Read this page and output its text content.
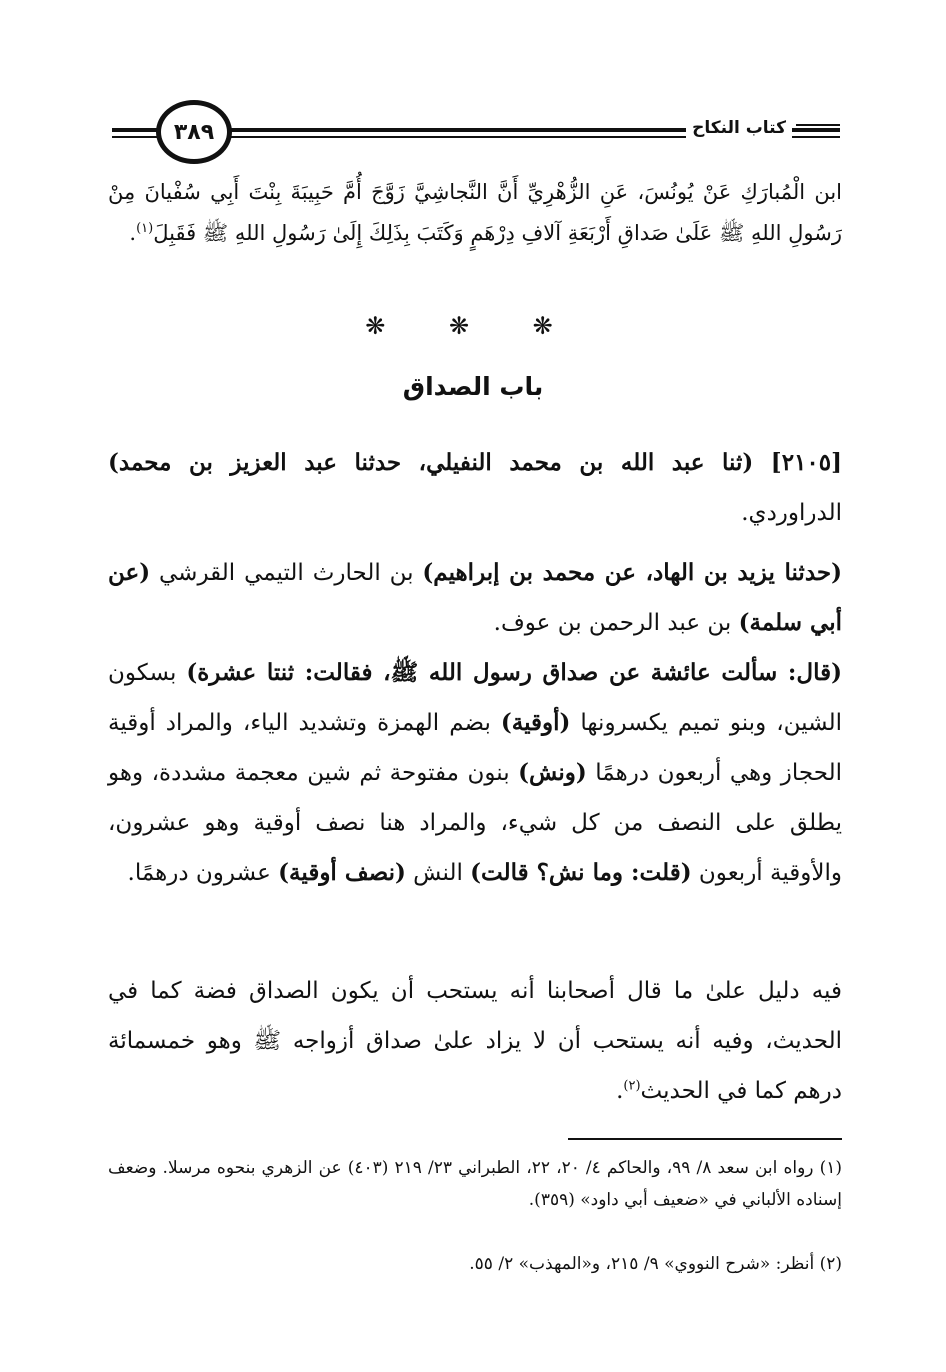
كتاب النكاح
٣٨٩
ابن الْمُبارَكِ عَنْ يُونُسَ، عَنِ الزُّهْرِيِّ أَنَّ النَّجاشِيَّ زَوَّجَ أُمَّ حَبِيبَةَ بِنْتَ أَبِي سُفْيانَ مِنْ رَسُولِ اللهِ ﷺ عَلَىٰ صَداقِ أَرْبَعَةِ آلافِ دِرْهَمٍ وَكَتَبَ بِذَلِكَ إِلَىٰ رَسُولِ اللهِ ﷺ فَقَبِلَ$^{(١)}$.
❋ ❋ ❋
باب الصداق
[٢١٠٥] (ثنا عبد الله بن محمد النفيلي، حدثنا عبد العزيز بن محمد) الدراوردي.
(حدثنا يزيد بن الهاد، عن محمد بن إبراهيم) بن الحارث التيمي القرشي (عن أبي سلمة) بن عبد الرحمن بن عوف.
(قال: سألت عائشة عن صداق رسول الله ﷺ، فقالت: ثنتا عشرة) بسكون الشين، وبنو تميم يكسرونها (أوقية) بضم الهمزة وتشديد الياء، والمراد أوقية الحجاز وهي أربعون درهمًا (ونش) بنون مفتوحة ثم شين معجمة مشددة، وهو يطلق على النصف من كل شيء، والمراد هنا نصف أوقية وهو عشرون، والأوقية أربعون (قلت: وما نش؟ قالت) النش (نصف أوقية) عشرون درهمًا.
فيه دليل علىٰ ما قال أصحابنا أنه يستحب أن يكون الصداق فضة كما في الحديث، وفيه أنه يستحب أن لا يزاد علىٰ صداق أزواجه ﷺ وهو خمسمائة درهم كما في الحديث$^{(٢)}$.
(١) رواه ابن سعد ٨/ ٩٩، والحاكم ٤/ ٢٠، ٢٢، الطبراني ٢٣/ ٢١٩ (٤٠٣) عن الزهري بنحوه مرسلا. وضعف إسناده الألباني في «ضعيف أبي داود» (٣٥٩).
(٢) أنظر: «شرح النووي» ٩/ ٢١٥، و«المهذب» ٢/ ٥٥.
